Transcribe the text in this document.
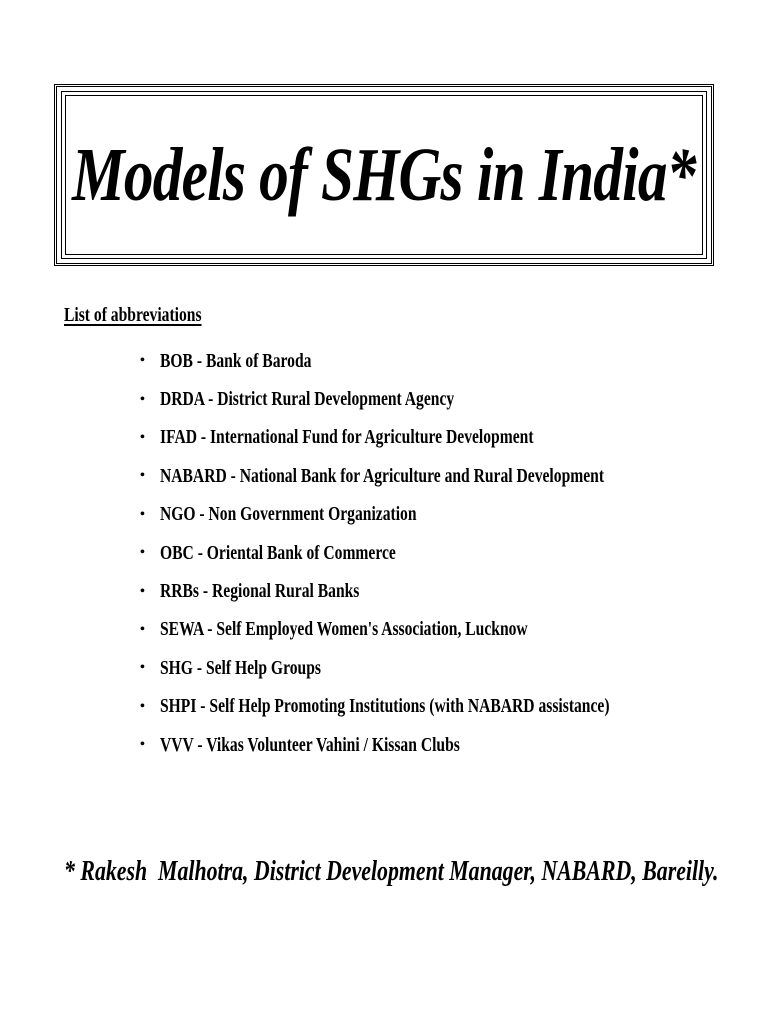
Models of SHGs in India*
List of abbreviations
• BOB - Bank of Baroda
• DRDA - District Rural Development Agency
• IFAD - International Fund for Agriculture Development
• NABARD - National Bank for Agriculture and Rural Development
• NGO - Non Government Organization
• OBC - Oriental Bank of Commerce
• RRBs - Regional Rural Banks
• SEWA - Self Employed Women's Association, Lucknow
• SHG - Self Help Groups
• SHPI - Self Help Promoting Institutions (with NABARD assistance)
• VVV - Vikas Volunteer Vahini / Kissan Clubs

* Rakesh  Malhotra, District Development Manager, NABARD, Bareilly.
